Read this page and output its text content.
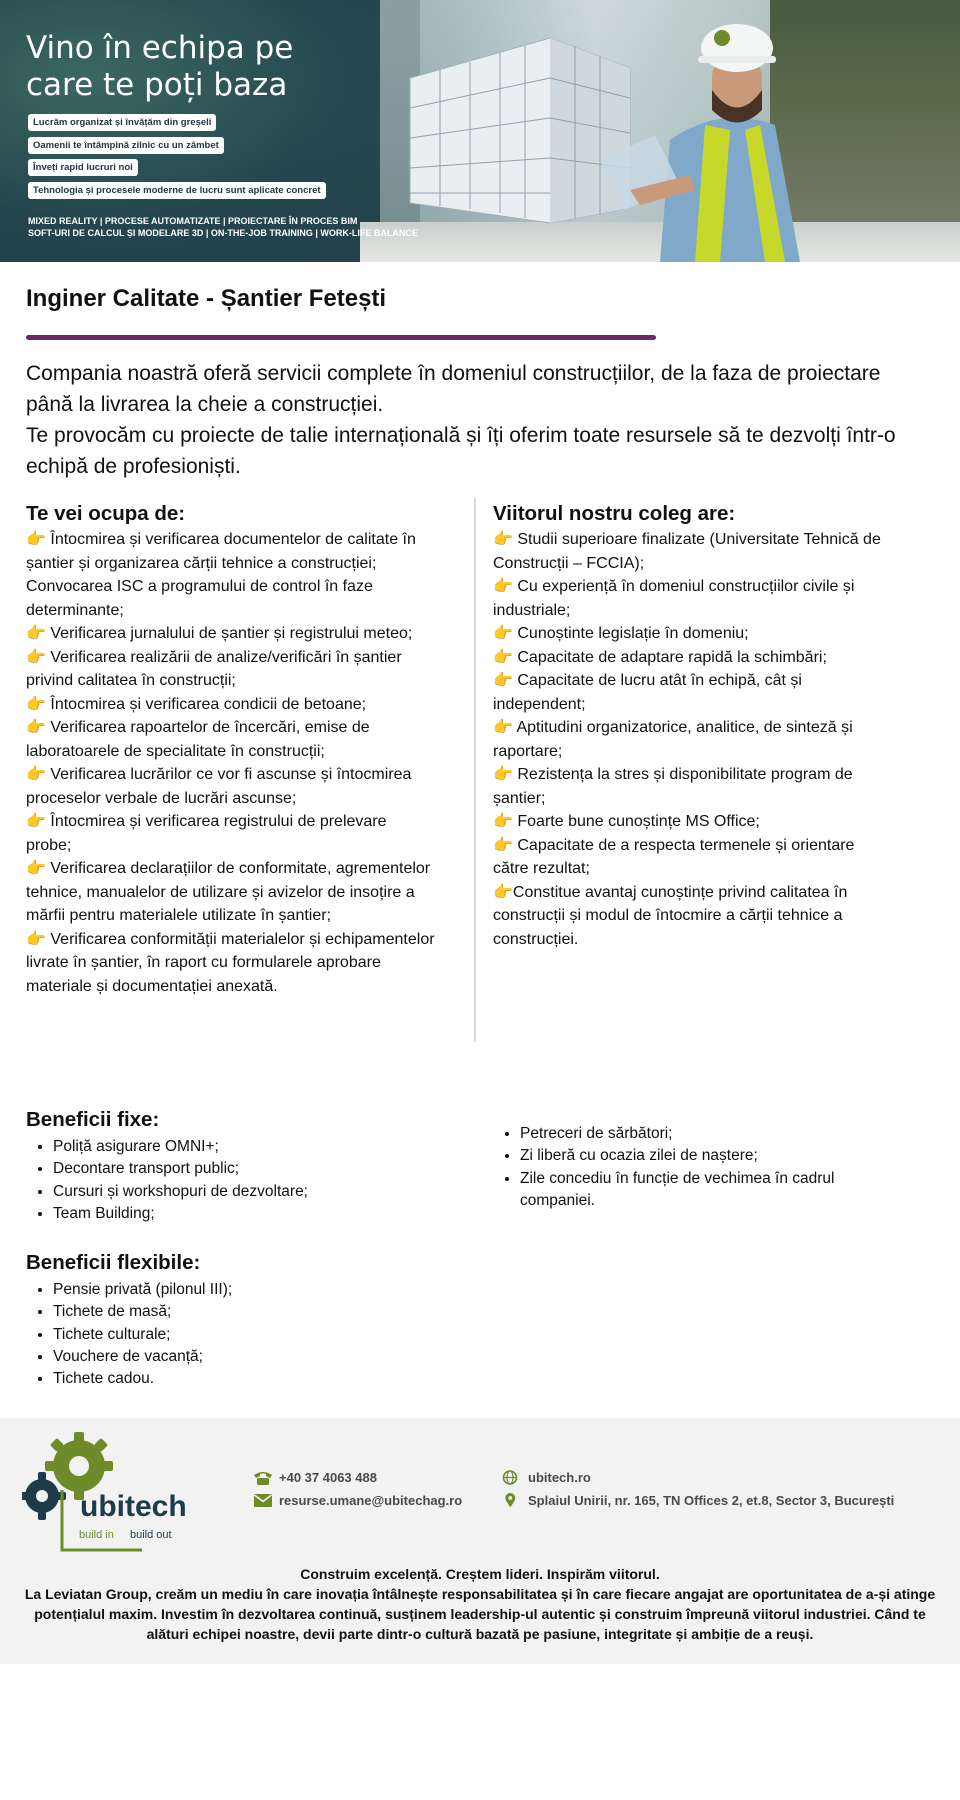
Vino în echipa pe care te poți baza
Lucrăm organizat și învățăm din greșeli
Oamenii te întâmpină zilnic cu un zâmbet
Înveți rapid lucruri noi
Tehnologia și procesele moderne de lucru sunt aplicate concret
MIXED REALITY | PROCESE AUTOMATIZATE | PROIECTARE ÎN PROCES BIM
SOFT-URI DE CALCUL ȘI MODELARE 3D | ON-THE-JOB TRAINING | WORK-LIFE BALANCE
Inginer Calitate - Șantier Fetești

Compania noastră oferă servicii complete în domeniul construcțiilor, de la faza de proiectare până la livrarea la cheie a construcției.

Te provocăm cu proiecte de talie internațională și îți oferim toate resursele să te dezvolți într-o echipă de profesioniști.

Te vei ocupa de:
👉 Întocmirea și verificarea documentelor de calitate în șantier și organizarea cărții tehnice a construcției; Convocarea ISC a programului de control în faze determinante;
👉 Verificarea jurnalului de șantier și registrului meteo;
👉 Verificarea realizării de analize/verificări în șantier privind calitatea în construcții;
👉 Întocmirea și verificarea condicii de betoane;
👉 Verificarea rapoartelor de încercări, emise de laboratoarele de specialitate în construcții;
👉 Verificarea lucrărilor ce vor fi ascunse și întocmirea proceselor verbale de lucrări ascunse;
👉 Întocmirea și verificarea registrului de prelevare probe;
👉 Verificarea declarațiilor de conformitate, agrementelor tehnice, manualelor de utilizare și avizelor de insoțire a mărfii pentru materialele utilizate în șantier;
👉 Verificarea conformității materialelor și echipamentelor livrate în șantier, în raport cu formularele aprobare materiale și documentației anexată.
Viitorul nostru coleg are:
👉 Studii superioare finalizate (Universitate Tehnică de Construcții – FCCIA);
👉 Cu experiență în domeniul construcțiilor civile și industriale;
👉 Cunoștinte legislație în domeniu;
👉 Capacitate de adaptare rapidă la schimbări;
👉 Capacitate de lucru atât în echipă, cât și independent;
👉 Aptitudini organizatorice, analitice, de sinteză și raportare;
👉 Rezistența la stres și disponibilitate program de șantier;
👉 Foarte bune cunoștințe MS Office;
👉 Capacitate de a respecta termenele și orientare către rezultat;
👉Constitue avantaj cunoștințe privind calitatea în construcții și modul de întocmire a cărții tehnice a construcției.
Beneficii fixe:
• Poliță asigurare OMNI+;
• Decontare transport public;
• Cursuri și workshopuri de dezvoltare;
• Team Building;
• Petreceri de sărbători;
• Zi liberă cu ocazia zilei de naștere;
• Zile concediu în funcție de vechimea în cadrul companiei.
Beneficii flexibile:
• Pensie privată (pilonul III);
• Tichete de masă;
• Tichete culturale;
• Vouchere de vacanță;
• Tichete cadou.
ubitech
build in build out
+40 37 4063 488
resurse.umane@ubitechag.ro
ubitech.ro
Splaiul Unirii, nr. 165, TN Offices 2, et.8, Sector 3, București
Construim excelență. Creștem lideri. Inspirăm viitorul.
La Leviatan Group, creăm un mediu în care inovația întâlnește responsabilitatea și în care fiecare angajat are oportunitatea de a-și atinge potențialul maxim. Investim în dezvoltarea continuă, susținem leadership-ul autentic și construim împreună viitorul industriei. Când te alături echipei noastre, devii parte dintr-o cultură bazată pe pasiune, integritate și ambiție de a reuși.
